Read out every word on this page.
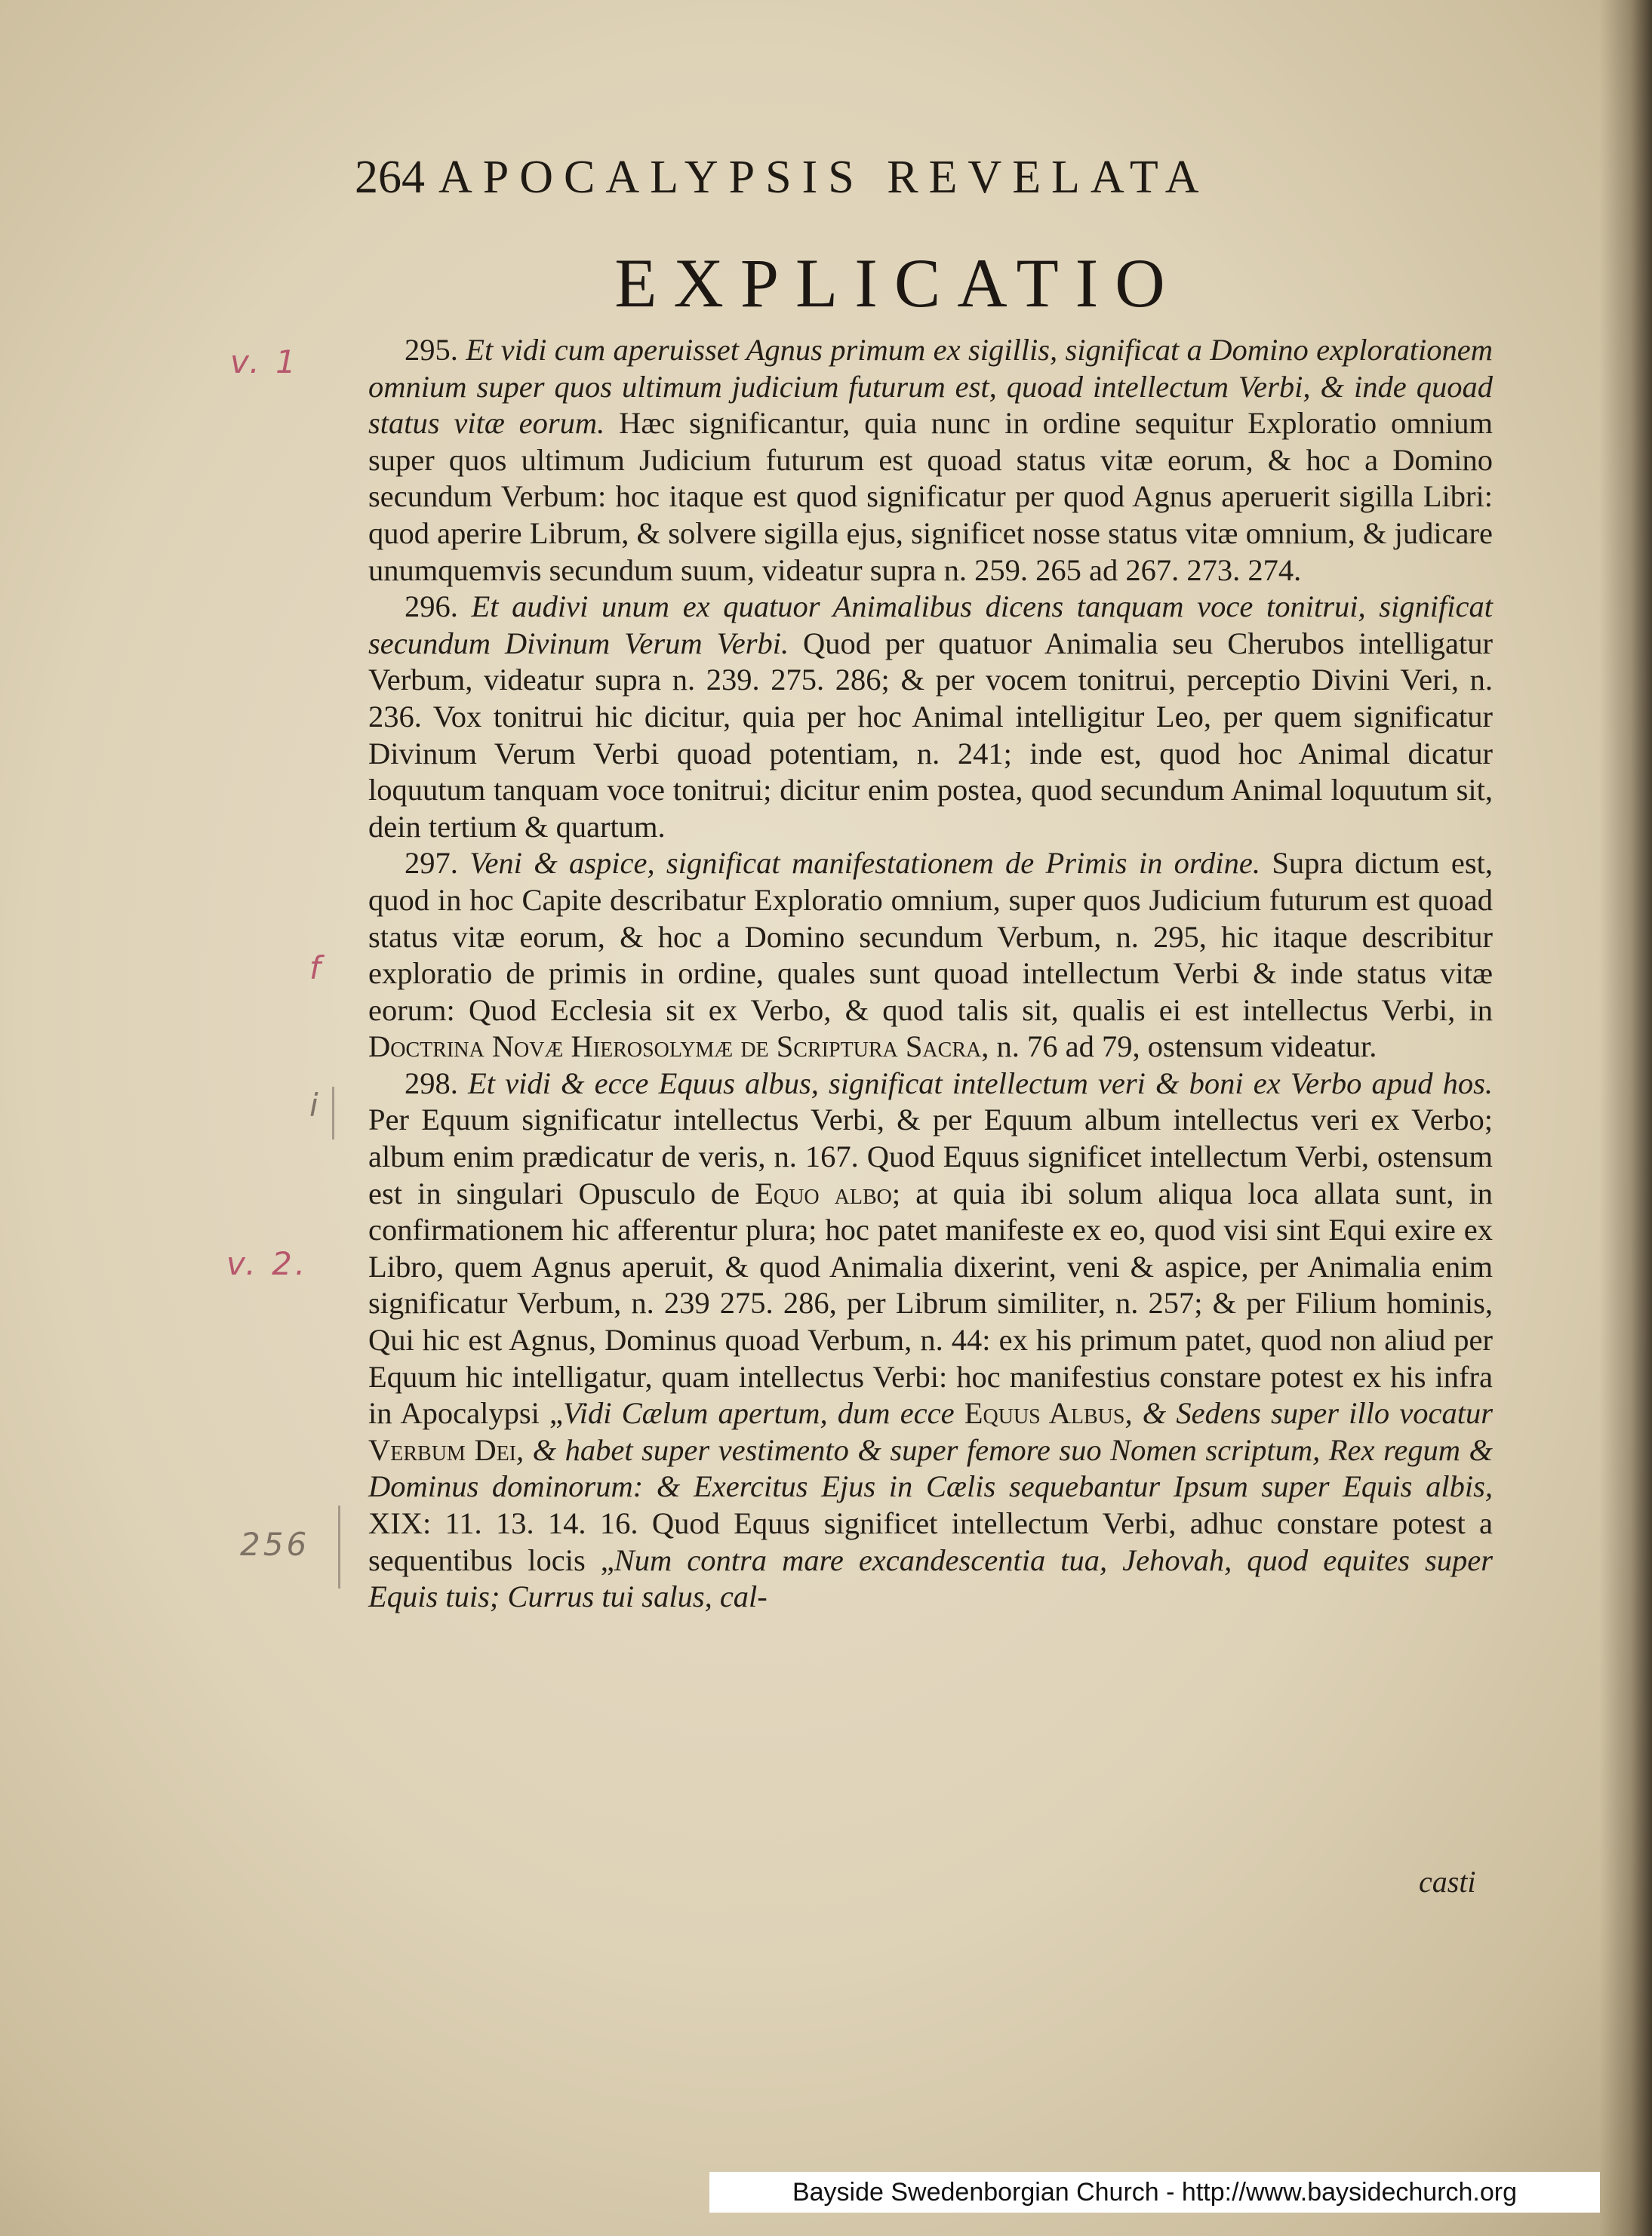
264 APOCALYPSIS REVELATA
EXPLICATIO
v. 1
f
i
v. 2.
256

295. Et vidi cum aperuisset Agnus primum ex sigillis, significat a Domino explorationem omnium super quos ultimum judicium futurum est, quoad intellectum Verbi, & inde quoad status vitæ eorum. Hæc significantur, quia nunc in ordine sequitur Exploratio omnium super quos ultimum Judicium futurum est quoad status vitæ eorum, & hoc a Domino secundum Verbum: hoc itaque est quod significatur per quod Agnus aperuerit sigilla Libri: quod aperire Librum, & solvere sigilla ejus, significet nosse status vitæ omnium, & judicare unumquemvis secundum suum, videatur supra n. 259. 265 ad 267. 273. 274.

296. Et audivi unum ex quatuor Animalibus dicens tanquam voce tonitrui, significat secundum Divinum Verum Verbi. Quod per quatuor Animalia seu Cherubos intelligatur Verbum, videatur supra n. 239. 275. 286; & per vocem tonitrui, perceptio Divini Veri, n. 236. Vox tonitrui hic dicitur, quia per hoc Animal intelligitur Leo, per quem significatur Divinum Verum Verbi quoad potentiam, n. 241; inde est, quod hoc Animal dicatur loquutum tanquam voce tonitrui; dicitur enim postea, quod secundum Animal loquutum sit, dein tertium & quartum.

297. Veni & aspice, significat manifestationem de Primis in ordine. Supra dictum est, quod in hoc Capite describatur Exploratio omnium, super quos Judicium futurum est quoad status vitæ eorum, & hoc a Domino secundum Verbum, n. 295, hic itaque describitur exploratio de primis in ordine, quales sunt quoad intellectum Verbi & inde status vitæ eorum: Quod Ecclesia sit ex Verbo, & quod talis sit, qualis ei est intellectus Verbi, in Doctrina Novæ Hierosolymæ de Scriptura Sacra, n. 76 ad 79, ostensum videatur.

298. Et vidi & ecce Equus albus, significat intellectum veri & boni ex Verbo apud hos. Per Equum significatur intellectus Verbi, & per Equum album intellectus veri ex Verbo; album enim prædicatur de veris, n. 167. Quod Equus significet intellectum Verbi, ostensum est in singulari Opusculo de Equo albo; at quia ibi solum aliqua loca allata sunt, in confirmationem hic afferentur plura; hoc patet manifeste ex eo, quod visi sint Equi exire ex Libro, quem Agnus aperuit, & quod Animalia dixerint, veni & aspice, per Animalia enim significatur Verbum, n. 239 275. 286, per Librum similiter, n. 257; & per Filium hominis, Qui hic est Agnus, Dominus quoad Verbum, n. 44: ex his primum patet, quod non aliud per Equum hic intelligatur, quam intellectus Verbi: hoc manifestius constare potest ex his infra in Apocalypsi „Vidi Cælum apertum, dum ecce Equus Albus, & Sedens super illo vocatur Verbum Dei, & habet super vestimento & super femore suo Nomen scriptum, Rex regum & Dominus dominorum: & Exercitus Ejus in Cælis sequebantur Ipsum super Equis albis, XIX: 11. 13. 14. 16. Quod Equus significet intellectum Verbi, adhuc constare potest a sequentibus locis „Num contra mare excandescentia tua, Jehovah, quod equites super Equis tuis; Currus tui salus, cal-

casti
Bayside Swedenborgian Church - http://www.baysidechurch.org
